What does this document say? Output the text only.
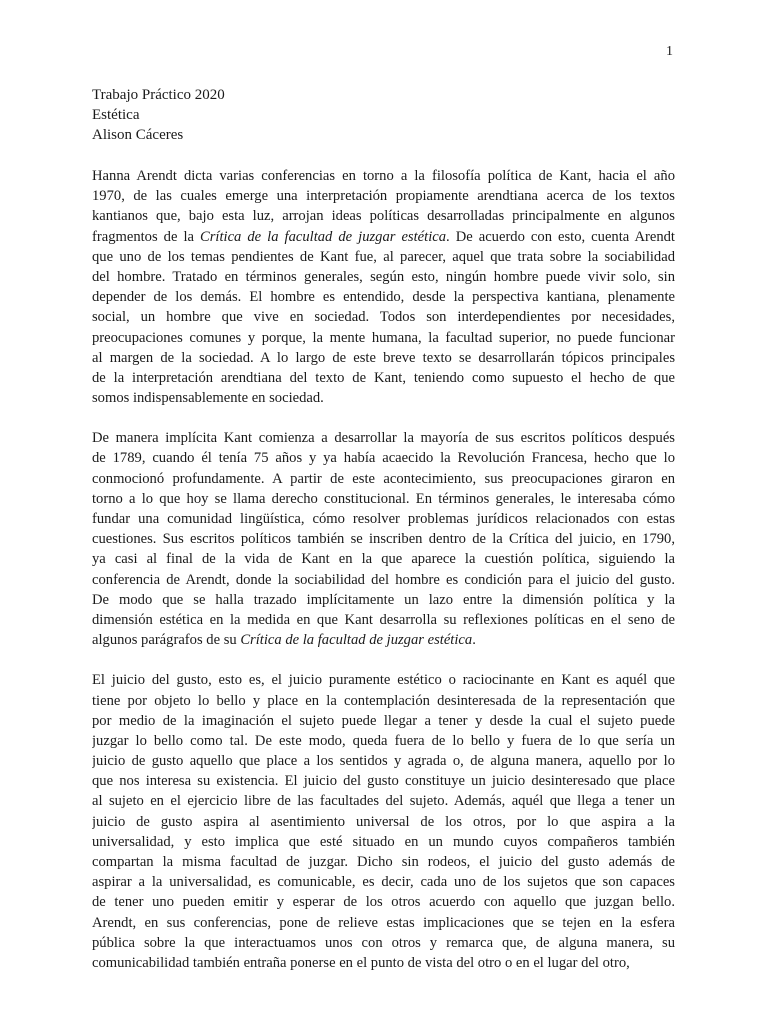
1
Trabajo Práctico 2020
Estética
Alison Cáceres
Hanna Arendt dicta varias conferencias en torno a la filosofía política de Kant, hacia el año
1970, de las cuales emerge una interpretación propiamente arendtiana acerca de los textos
kantianos que, bajo esta luz, arrojan ideas políticas desarrolladas principalmente en algunos
fragmentos de la Crítica de la facultad de juzgar estética. De acuerdo con esto, cuenta Arendt
que uno de los temas pendientes de Kant fue, al parecer, aquel que trata sobre la sociabilidad
del hombre. Tratado en términos generales, según esto, ningún hombre puede vivir solo, sin
depender de los demás. El hombre es entendido, desde la perspectiva kantiana, plenamente
social, un hombre que vive en sociedad. Todos son interdependientes por necesidades,
preocupaciones comunes y porque, la mente humana, la facultad superior, no puede funcionar
al margen de la sociedad. A lo largo de este breve texto se desarrollarán tópicos principales
de la interpretación arendtiana del texto de Kant, teniendo como supuesto el hecho de que
somos indispensablemente en sociedad.
De manera implícita Kant comienza a desarrollar la mayoría de sus escritos políticos después
de 1789, cuando él tenía 75 años y ya había acaecido la Revolución Francesa, hecho que lo
conmocionó profundamente. A partir de este acontecimiento, sus preocupaciones giraron en
torno a lo que hoy se llama derecho constitucional. En términos generales, le interesaba cómo
fundar una comunidad lingüística, cómo resolver problemas jurídicos relacionados con estas
cuestiones. Sus escritos políticos también se inscriben dentro de la Crítica del juicio, en 1790,
ya casi al final de la vida de Kant en la que aparece la cuestión política, siguiendo la
conferencia de Arendt, donde la sociabilidad del hombre es condición para el juicio del gusto.
De modo que se halla trazado implícitamente un lazo entre la dimensión política y la
dimensión estética en la medida en que Kant desarrolla su reflexiones políticas en el seno de
algunos parágrafos de su Crítica de la facultad de juzgar estética.
El juicio del gusto, esto es, el juicio puramente estético o raciocinante en Kant es aquél que
tiene por objeto lo bello y place en la contemplación desinteresada de la representación que
por medio de la imaginación el sujeto puede llegar a tener y desde la cual el sujeto puede
juzgar lo bello como tal. De este modo, queda fuera de lo bello y fuera de lo que sería un
juicio de gusto aquello que place a los sentidos y agrada o, de alguna manera, aquello por lo
que nos interesa su existencia. El juicio del gusto constituye un juicio desinteresado que place
al sujeto en el ejercicio libre de las facultades del sujeto. Además, aquél que llega a tener un
juicio de gusto aspira al asentimiento universal de los otros, por lo que aspira a la
universalidad, y esto implica que esté situado en un mundo cuyos compañeros también
compartan la misma facultad de juzgar. Dicho sin rodeos, el juicio del gusto además de
aspirar a la universalidad, es comunicable, es decir, cada uno de los sujetos que son capaces
de tener uno pueden emitir y esperar de los otros acuerdo con aquello que juzgan bello.
Arendt, en sus conferencias, pone de relieve estas implicaciones que se tejen en la esfera
pública sobre la que interactuamos unos con otros y remarca que, de alguna manera, su
comunicabilidad también entraña ponerse en el punto de vista del otro o en el lugar del otro,
